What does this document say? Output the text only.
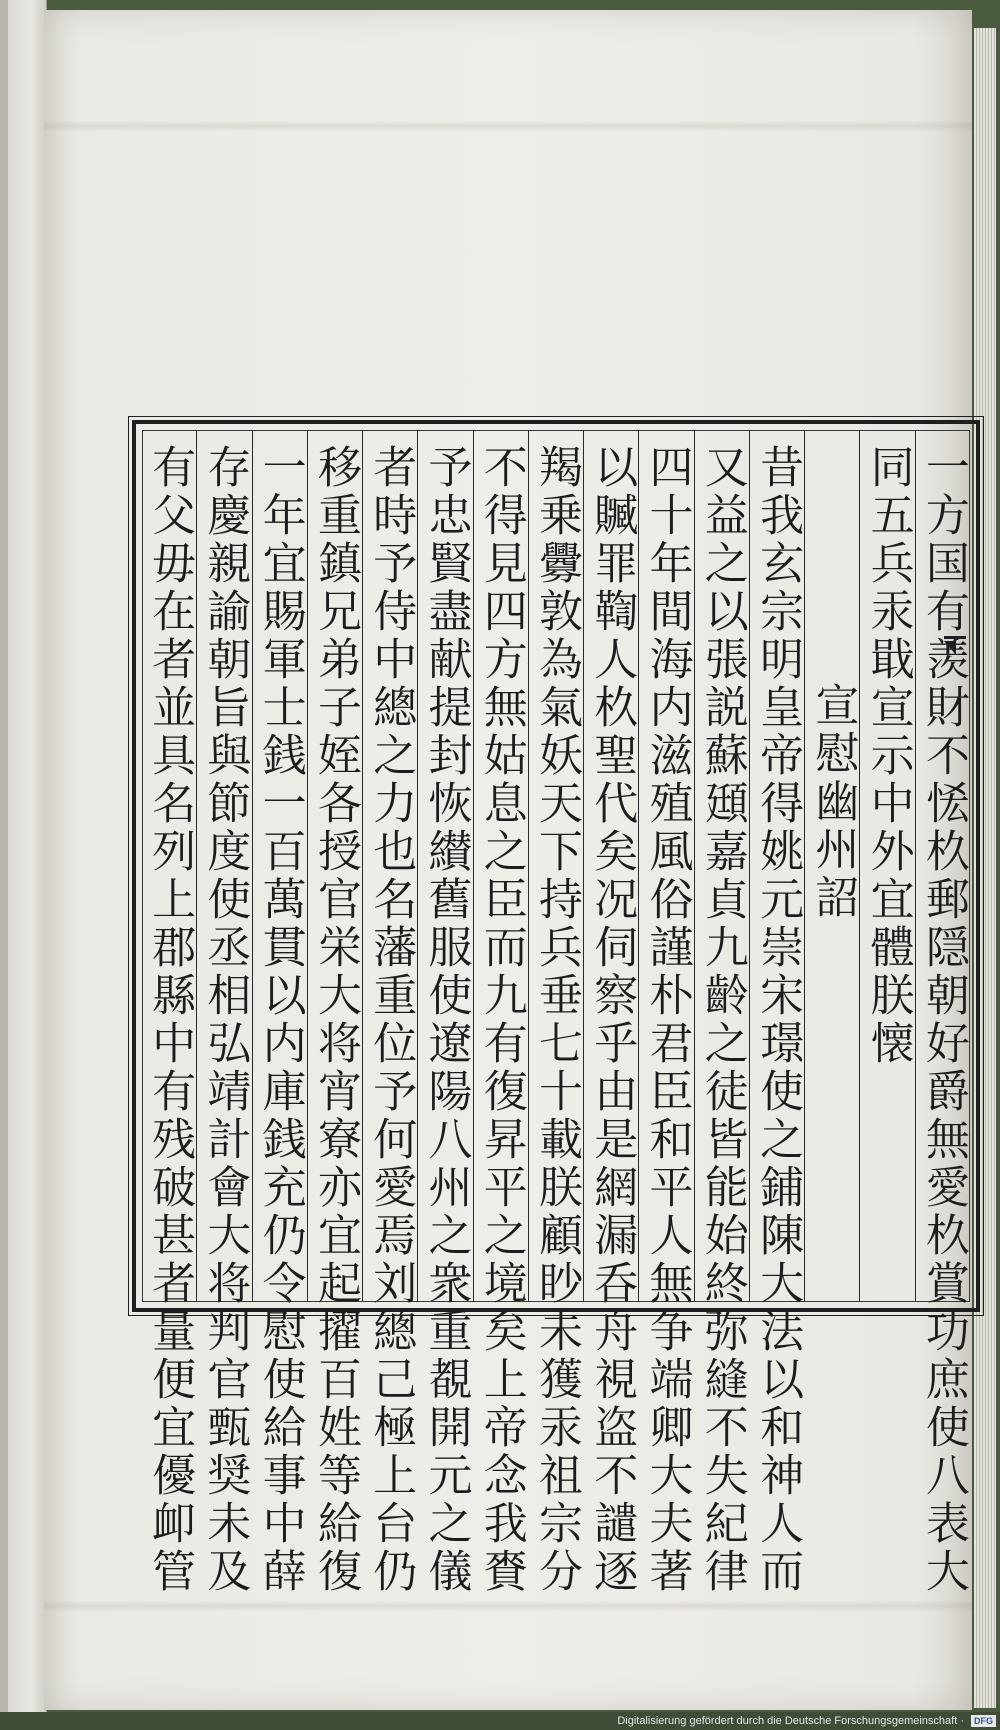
一方国有羡財不恡杦郵隠朝好爵無愛杦賞功庶使八表大
同五兵汞戢宣示中外宜體朕懐
宣慰幽州詔
昔我玄宗明皇帝得姚元崇宋璟使之鋪陳大法以和神人而
又益之以張説蘇頲嘉貞九齡之徒皆能始終弥縫不失紀律
四十年間海内滋殖風俗謹朴君臣和平人無争端卿大夫著
以贓罪鞫人杦聖代矣况伺察乎由是網漏呑舟視盗不譴逐
羯乗釁敦為氣妖天下持兵垂七十載朕顧眇未獲汞祖宗分
不得見四方無姑息之臣而九有復昇平之境矣上帝念我賚
予忠賢盡献提封恢纉舊服使遼陽八州之衆重覩開元之儀
者時予侍中總之力也名藩重位予何愛焉刘總己極上台仍
移重鎮兄弟子姪各授官栄大将宵寮亦宜起擢百姓等給復
一年宜賜軍士銭一百萬貫以内庫銭充仍令慰使給事中薛
存慶親諭朝旨與節度使丞相弘靖計會大将判官甄奨未及
有父毋在者並具名列上郡縣中有残破甚者量便宜優卹管
Digitalisierung gefördert durch die Deutsche Forschungsgemeinschaft ·	DFG
